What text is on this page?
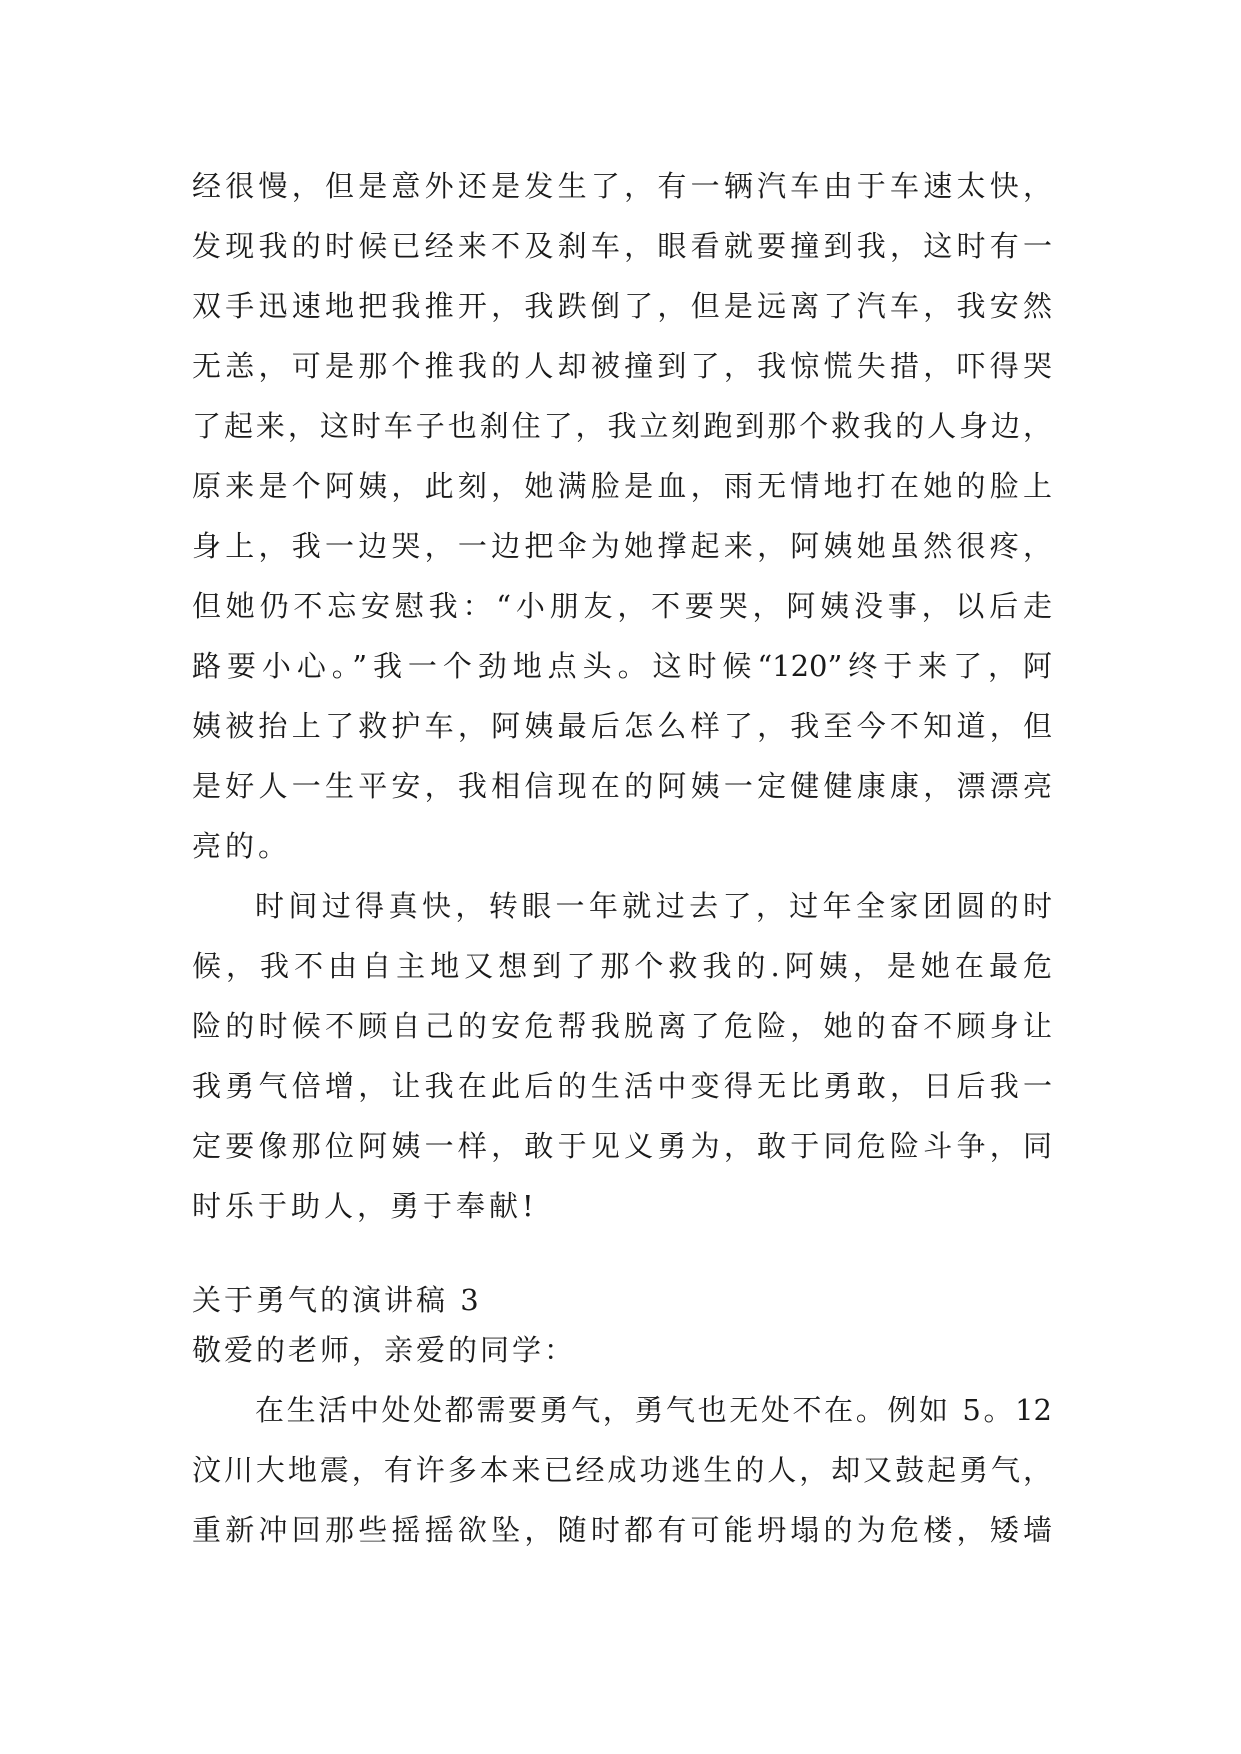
经很慢，但是意外还是发生了，有一辆汽车由于车速太快，
发现我的时候已经来不及刹车，眼看就要撞到我，这时有一
双手迅速地把我推开，我跌倒了，但是远离了汽车，我安然
无恙，可是那个推我的人却被撞到了，我惊慌失措，吓得哭
了起来，这时车子也刹住了，我立刻跑到那个救我的人身边，
原来是个阿姨，此刻，她满脸是血，雨无情地打在她的脸上
身上，我一边哭，一边把伞为她撑起来，阿姨她虽然很疼，
但她仍不忘安慰我：“小朋友，不要哭，阿姨没事，以后走
路要小心。”我一个劲地点头。这时候“120”终于来了，阿
姨被抬上了救护车，阿姨最后怎么样了，我至今不知道，但
是好人一生平安，我相信现在的阿姨一定健健康康，漂漂亮
亮的。
时间过得真快，转眼一年就过去了，过年全家团圆的时
候，我不由自主地又想到了那个救我的.阿姨，是她在最危
险的时候不顾自己的安危帮我脱离了危险，她的奋不顾身让
我勇气倍增，让我在此后的生活中变得无比勇敢，日后我一
定要像那位阿姨一样，敢于见义勇为，敢于同危险斗争，同
时乐于助人，勇于奉献!
关于勇气的演讲稿 3
敬爱的老师，亲爱的同学：
在生活中处处都需要勇气，勇气也无处不在。例如 5。12
汶川大地震，有许多本来已经成功逃生的人，却又鼓起勇气，
重新冲回那些摇摇欲坠，随时都有可能坍塌的为危楼，矮墙
